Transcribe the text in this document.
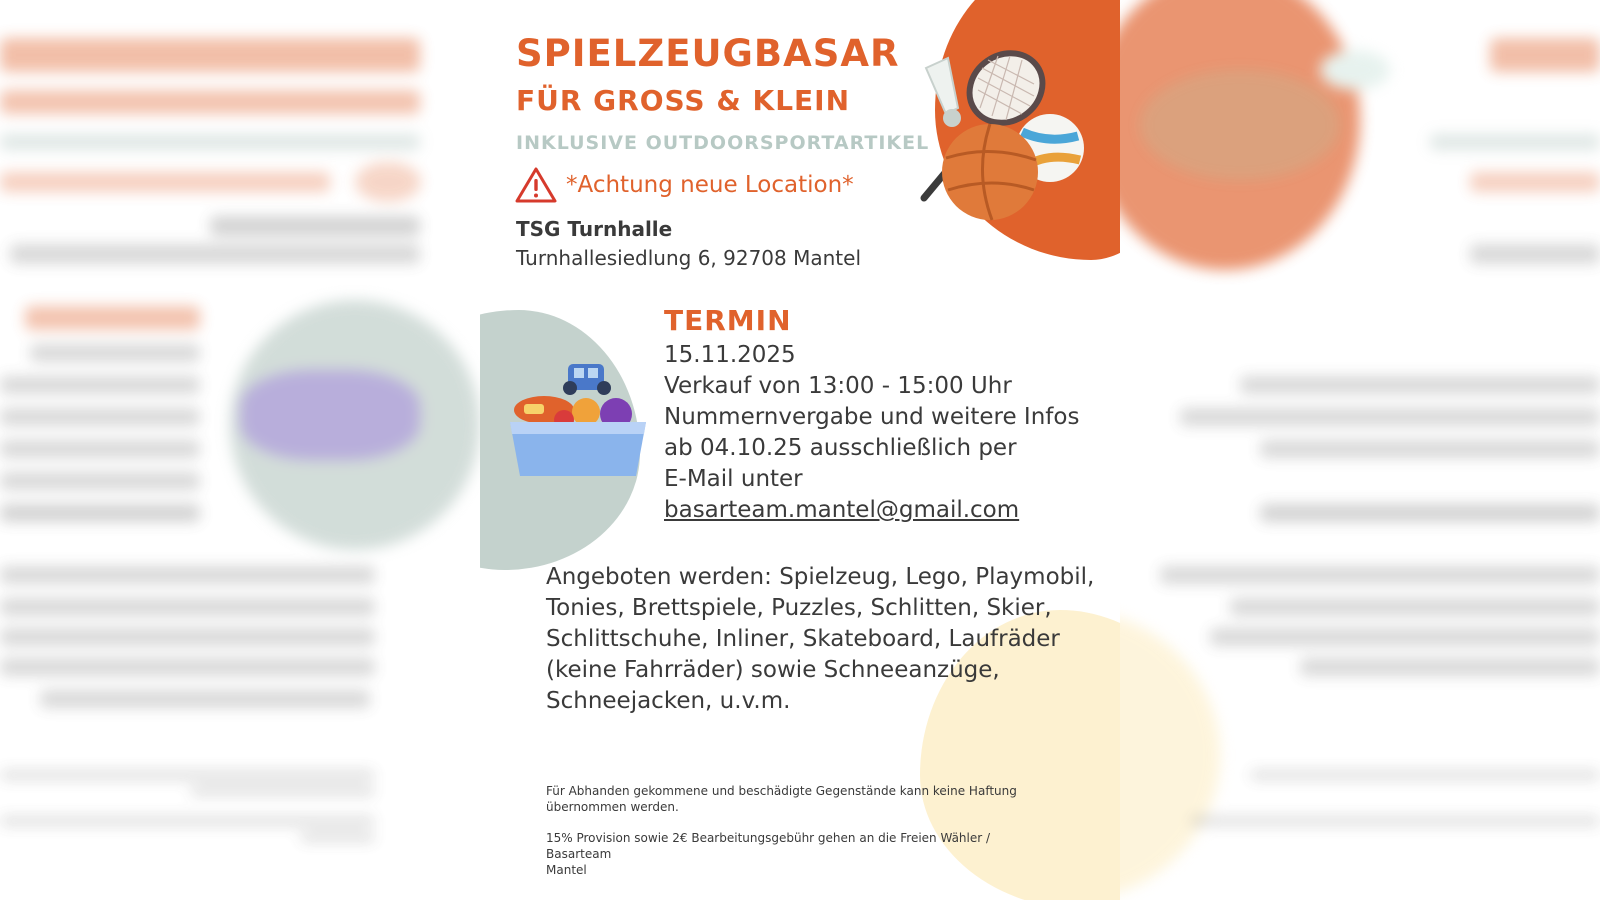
SPIELZEUGBASAR
FÜR GROSS & KLEIN
INKLUSIVE OUTDOORSPORTARTIKEL
*Achtung neue Location*
TSG Turnhalle
Turnhallesiedlung 6, 92708 Mantel
TERMIN
15.11.2025
Verkauf von 13:00 - 15:00 Uhr
Nummernvergabe und weitere Infos
ab 04.10.25 ausschließlich per
E-Mail unter
basarteam.mantel@gmail.com
Angeboten werden: Spielzeug, Lego, Playmobil,
Tonies, Brettspiele, Puzzles, Schlitten, Skier,
Schlittschuhe, Inliner, Skateboard, Laufräder
(keine Fahrräder) sowie Schneeanzüge,
Schneejacken, u.v.m.
Für Abhanden gekommene und beschädigte Gegenstände kann keine Haftung
übernommen werden.
15% Provision sowie 2€ Bearbeitungsgebühr gehen an die Freien Wähler / Basarteam
Mantel
